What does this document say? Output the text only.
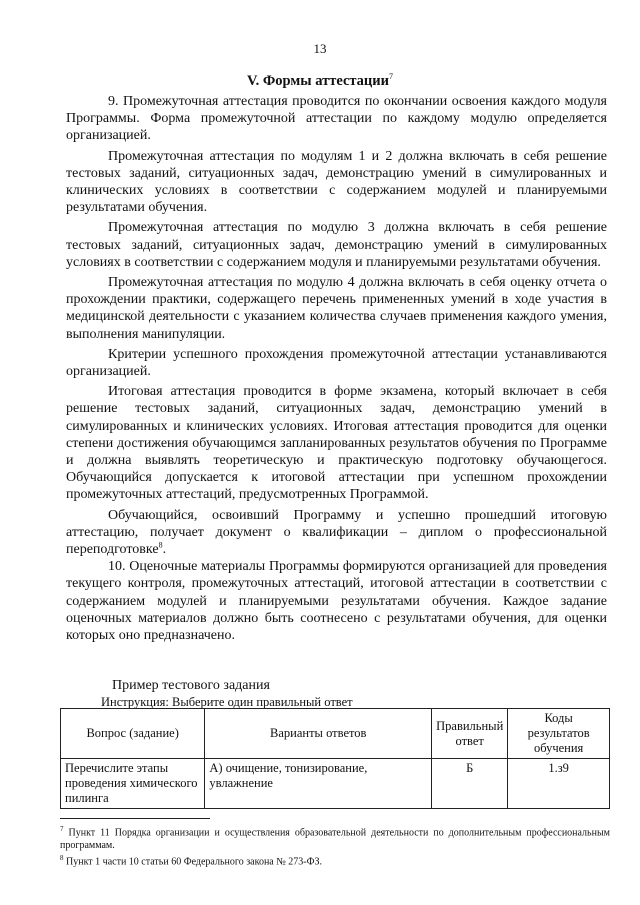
13
V. Формы аттестации$^7$

9. Промежуточная аттестация проводится по окончании освоения каждого модуля Программы. Форма промежуточной аттестации по каждому модулю определяется организацией.

Промежуточная аттестация по модулям 1 и 2 должна включать в себя решение тестовых заданий, ситуационных задач, демонстрацию умений в симулированных и клинических условиях в соответствии с содержанием модулей и планируемыми результатами обучения.

Промежуточная аттестация по модулю 3 должна включать в себя решение тестовых заданий, ситуационных задач, демонстрацию умений в симулированных условиях в соответствии с содержанием модуля и планируемыми результатами обучения.

Промежуточная аттестация по модулю 4 должна включать в себя оценку отчета о прохождении практики, содержащего перечень примененных умений в ходе участия в медицинской деятельности с указанием количества случаев применения каждого умения, выполнения манипуляции.

Критерии успешного прохождения промежуточной аттестации устанавливаются организацией.

Итоговая аттестация проводится в форме экзамена, который включает в себя решение тестовых заданий, ситуационных задач, демонстрацию умений в симулированных и клинических условиях. Итоговая аттестация проводится для оценки степени достижения обучающимся запланированных результатов обучения по Программе и должна выявлять теоретическую и практическую подготовку обучающегося. Обучающийся допускается к итоговой аттестации при успешном прохождении промежуточных аттестаций, предусмотренных Программой.

Обучающийся, освоивший Программу и успешно прошедший итоговую аттестацию, получает документ о квалификации – диплом о профессиональной переподготовке$^8$.

10. Оценочные материалы Программы формируются организацией для проведения текущего контроля, промежуточных аттестаций, итоговой аттестации в соответствии с содержанием модулей и планируемыми результатами обучения. Каждое задание оценочных материалов должно быть соотнесено с результатами обучения, для оценки которых оно предназначено.

Пример тестового задания
Инструкция: Выберите один правильный ответ
Вопрос (задание)	Варианты ответов	Правильный ответ	Коды результатов обучения
Перечислите этапы проведения химического пилинга	А) очищение, тонизирование, увлажнение	Б	1.з9
$^7$ Пункт 11 Порядка организации и осуществления образовательной деятельности по дополнительным профессиональным программам.
$^8$ Пункт 1 части 10 статьи 60 Федерального закона № 273-ФЗ.
